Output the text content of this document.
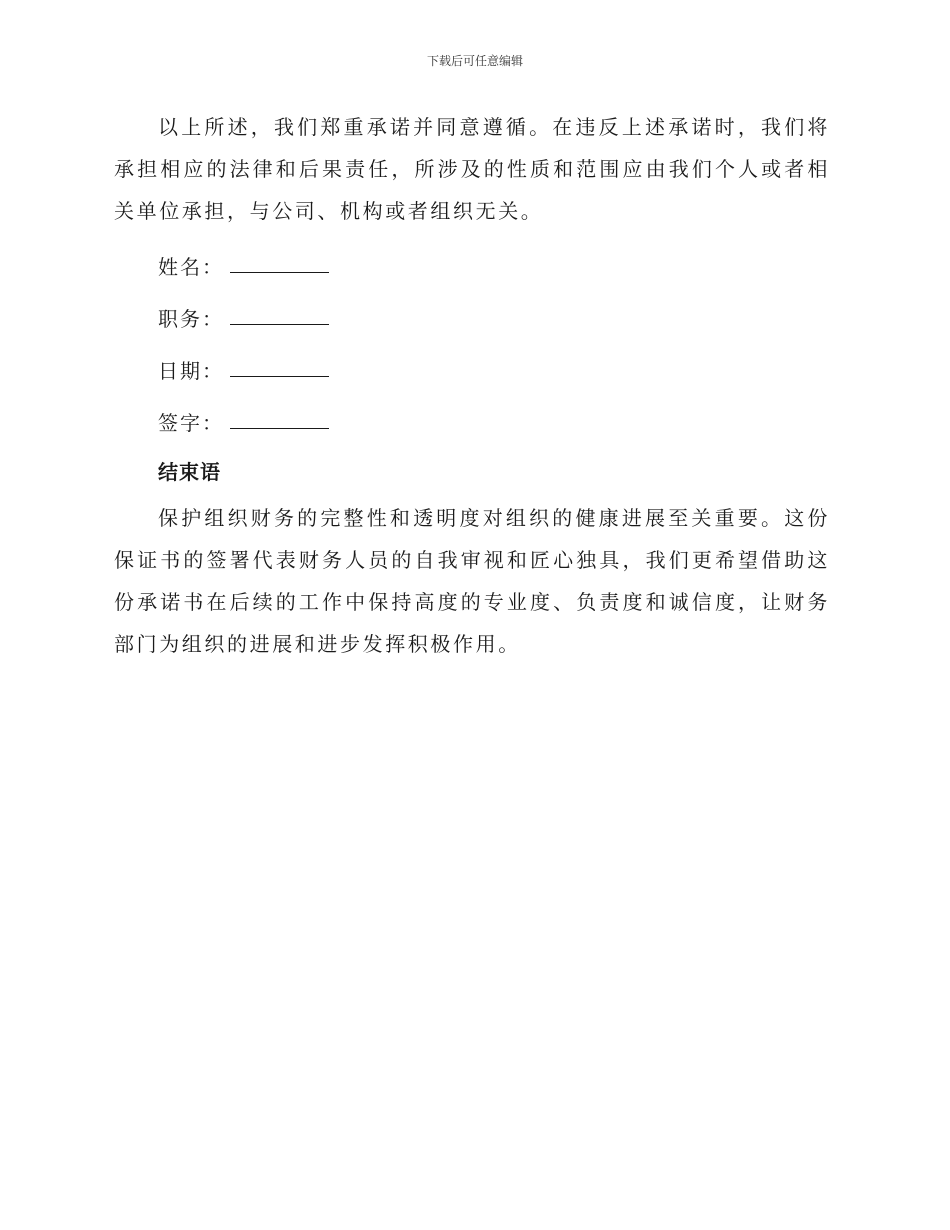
下载后可任意编辑

以上所述，我们郑重承诺并同意遵循。在违反上述承诺时，我们将承担相应的法律和后果责任，所涉及的性质和范围应由我们个人或者相关单位承担，与公司、机构或者组织无关。

姓名：
职务：
日期：
签字：
结束语

保护组织财务的完整性和透明度对组织的健康进展至关重要。这份保证书的签署代表财务人员的自我审视和匠心独具，我们更希望借助这份承诺书在后续的工作中保持高度的专业度、负责度和诚信度，让财务部门为组织的进展和进步发挥积极作用。
